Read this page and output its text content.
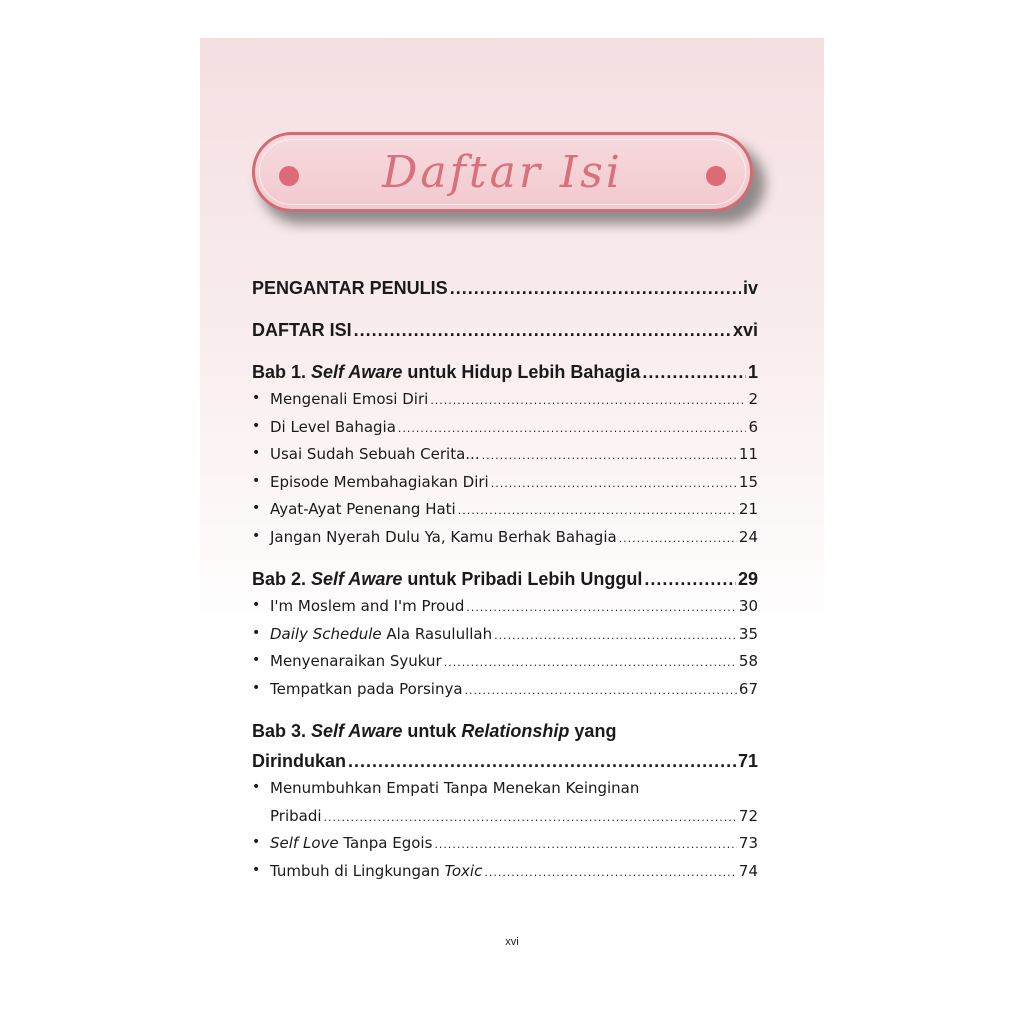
Daftar Isi
PENGANTAR PENULIS .....	iv
DAFTAR ISI .....	xvi
Bab 1. Self Aware untuk Hidup Lebih Bahagia .....	1
• Mengenali Emosi Diri .....	2
• Di Level Bahagia .....	6
• Usai Sudah Sebuah Cerita... .....	11
• Episode Membahagiakan Diri .....	15
• Ayat-Ayat Penenang Hati .....	21
• Jangan Nyerah Dulu Ya, Kamu Berhak Bahagia .....	24
Bab 2. Self Aware untuk Pribadi Lebih Unggul .....	29
• I'm Moslem and I'm Proud .....	30
• Daily Schedule Ala Rasulullah .....	35
• Menyenaraikan Syukur .....	58
• Tempatkan pada Porsinya .....	67
Bab 3. Self Aware untuk Relationship yang
Dirindukan .....	71
• Menumbuhkan Empati Tanpa Menekan Keinginan
Pribadi .....	72
• Self Love Tanpa Egois .....	73
• Tumbuh di Lingkungan Toxic .....	74
xvi
